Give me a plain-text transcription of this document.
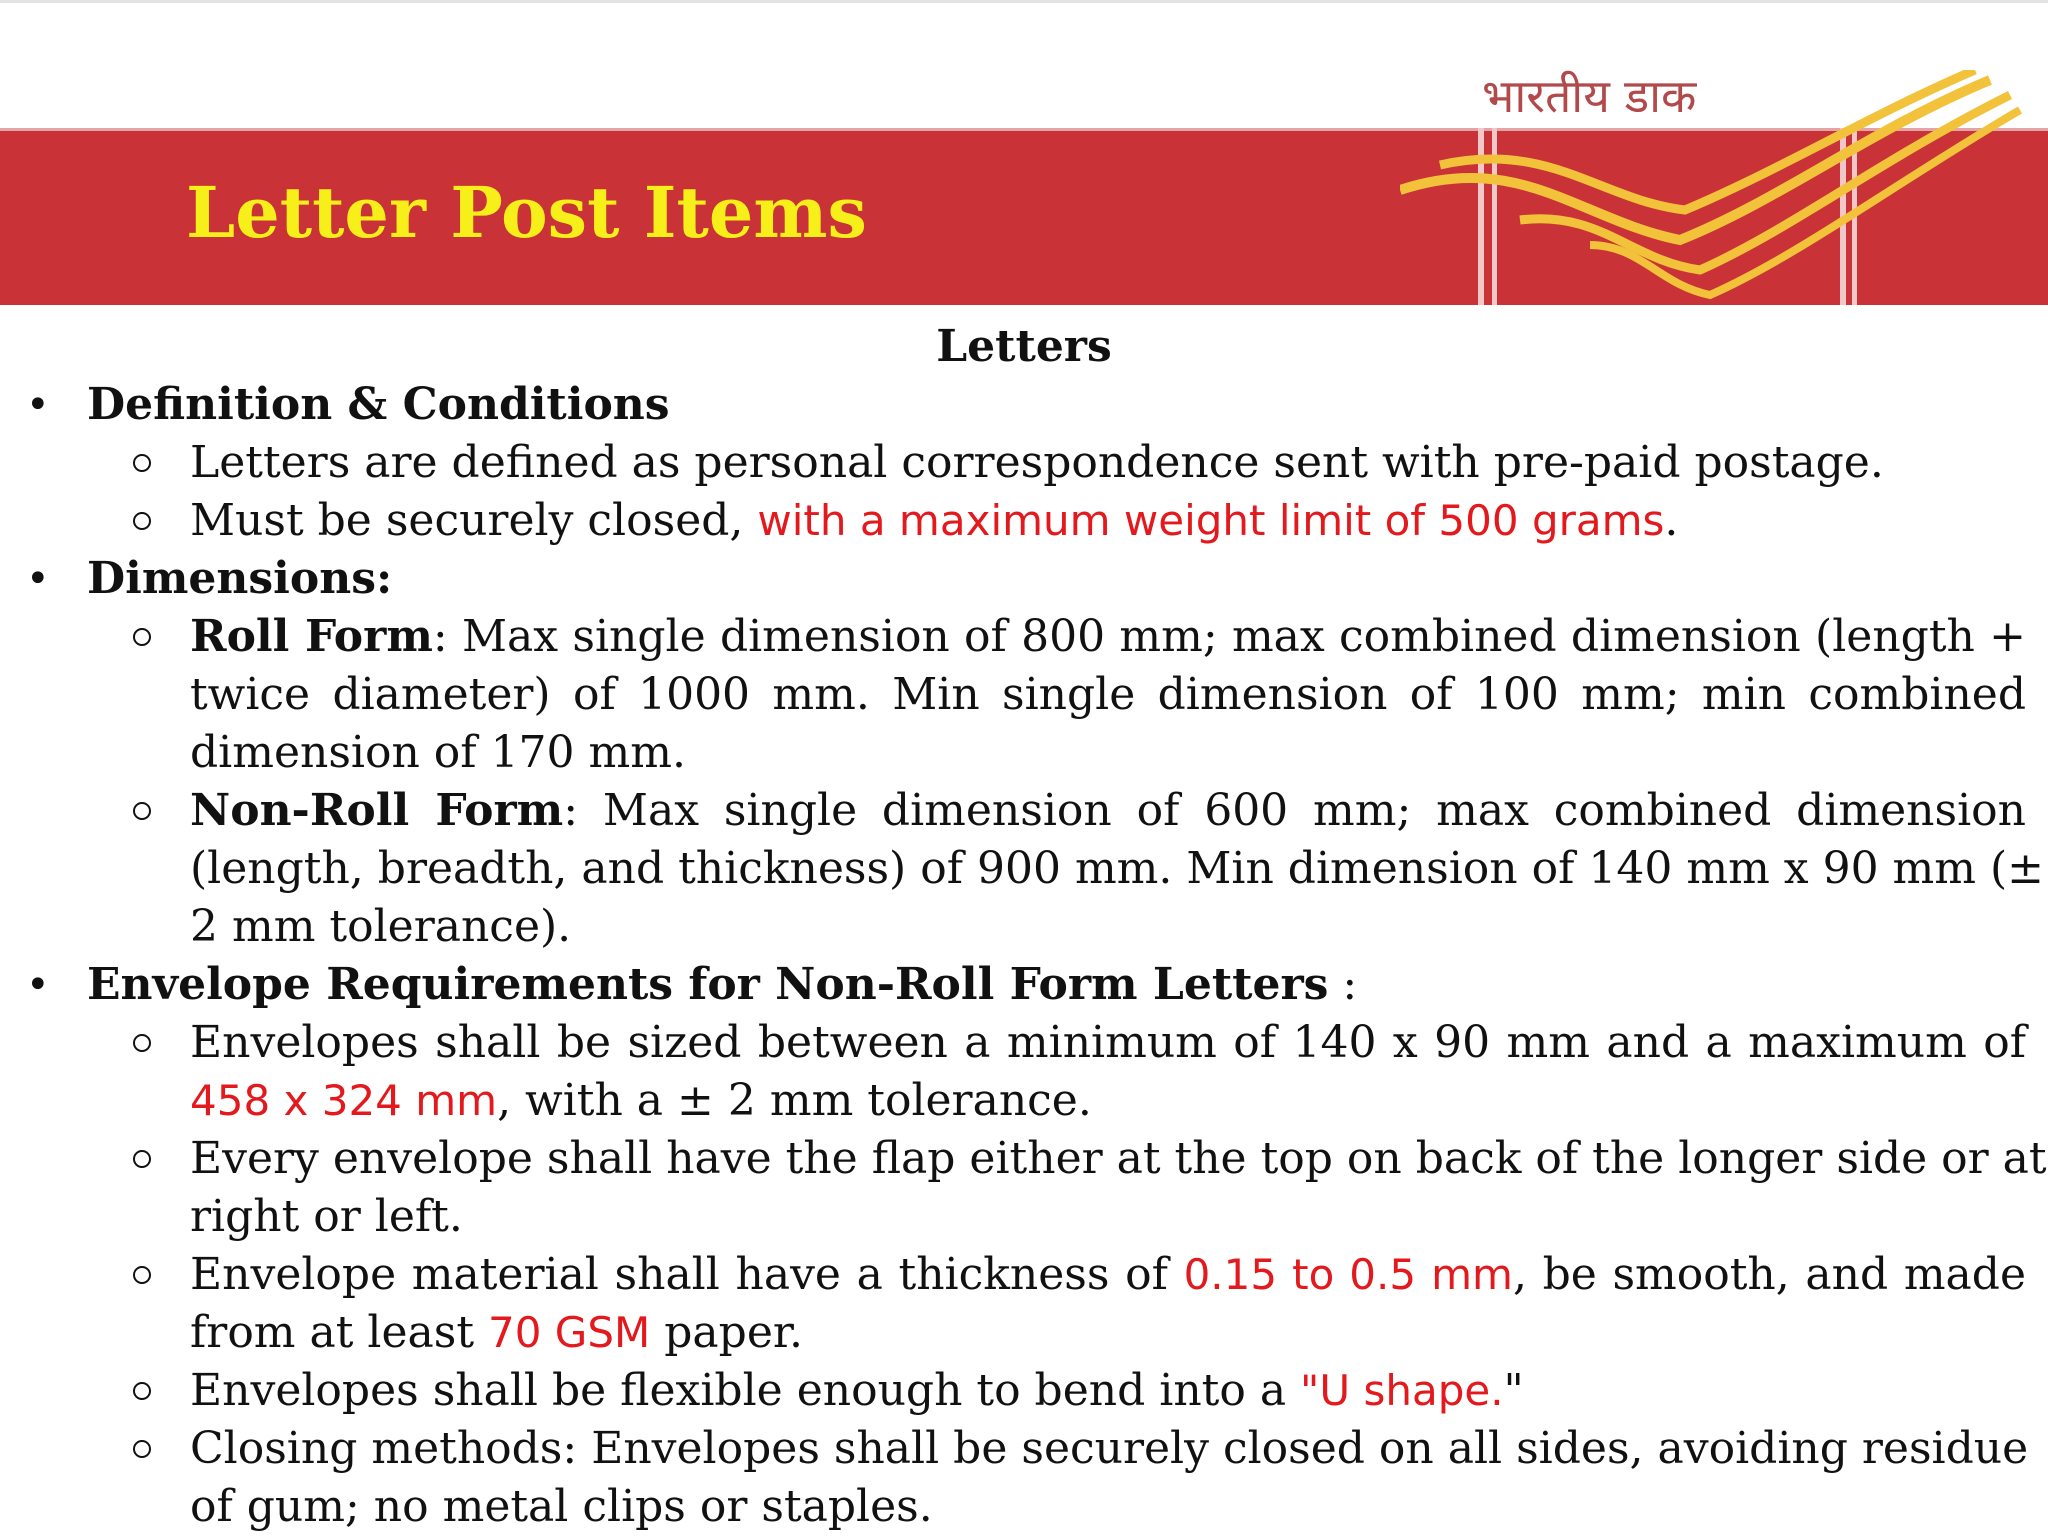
भारतीय डाक
Letter Post Items
Letters
• Definition & Conditions
Letters are defined as personal correspondence sent with pre-paid postage.
Must be securely closed, with a maximum weight limit of 500 grams.
• Dimensions:
Roll Form: Max single dimension of 800 mm; max combined dimension (length +
twice diameter) of 1000 mm. Min single dimension of 100 mm; min combined
dimension of 170 mm.
Non-Roll Form: Max single dimension of 600 mm; max combined dimension
(length, breadth, and thickness) of 900 mm. Min dimension of 140 mm x 90 mm (±
2 mm tolerance).
• Envelope Requirements for Non-Roll Form Letters :
Envelopes shall be sized between a minimum of 140 x 90 mm and a maximum of
458 x 324 mm, with a ± 2 mm tolerance.
Every envelope shall have the flap either at the top on back of the longer side or at
right or left.
Envelope material shall have a thickness of 0.15 to 0.5 mm, be smooth, and made
from at least 70 GSM paper.
Envelopes shall be flexible enough to bend into a "U shape."
Closing methods: Envelopes shall be securely closed on all sides, avoiding residue
of gum; no metal clips or staples.
